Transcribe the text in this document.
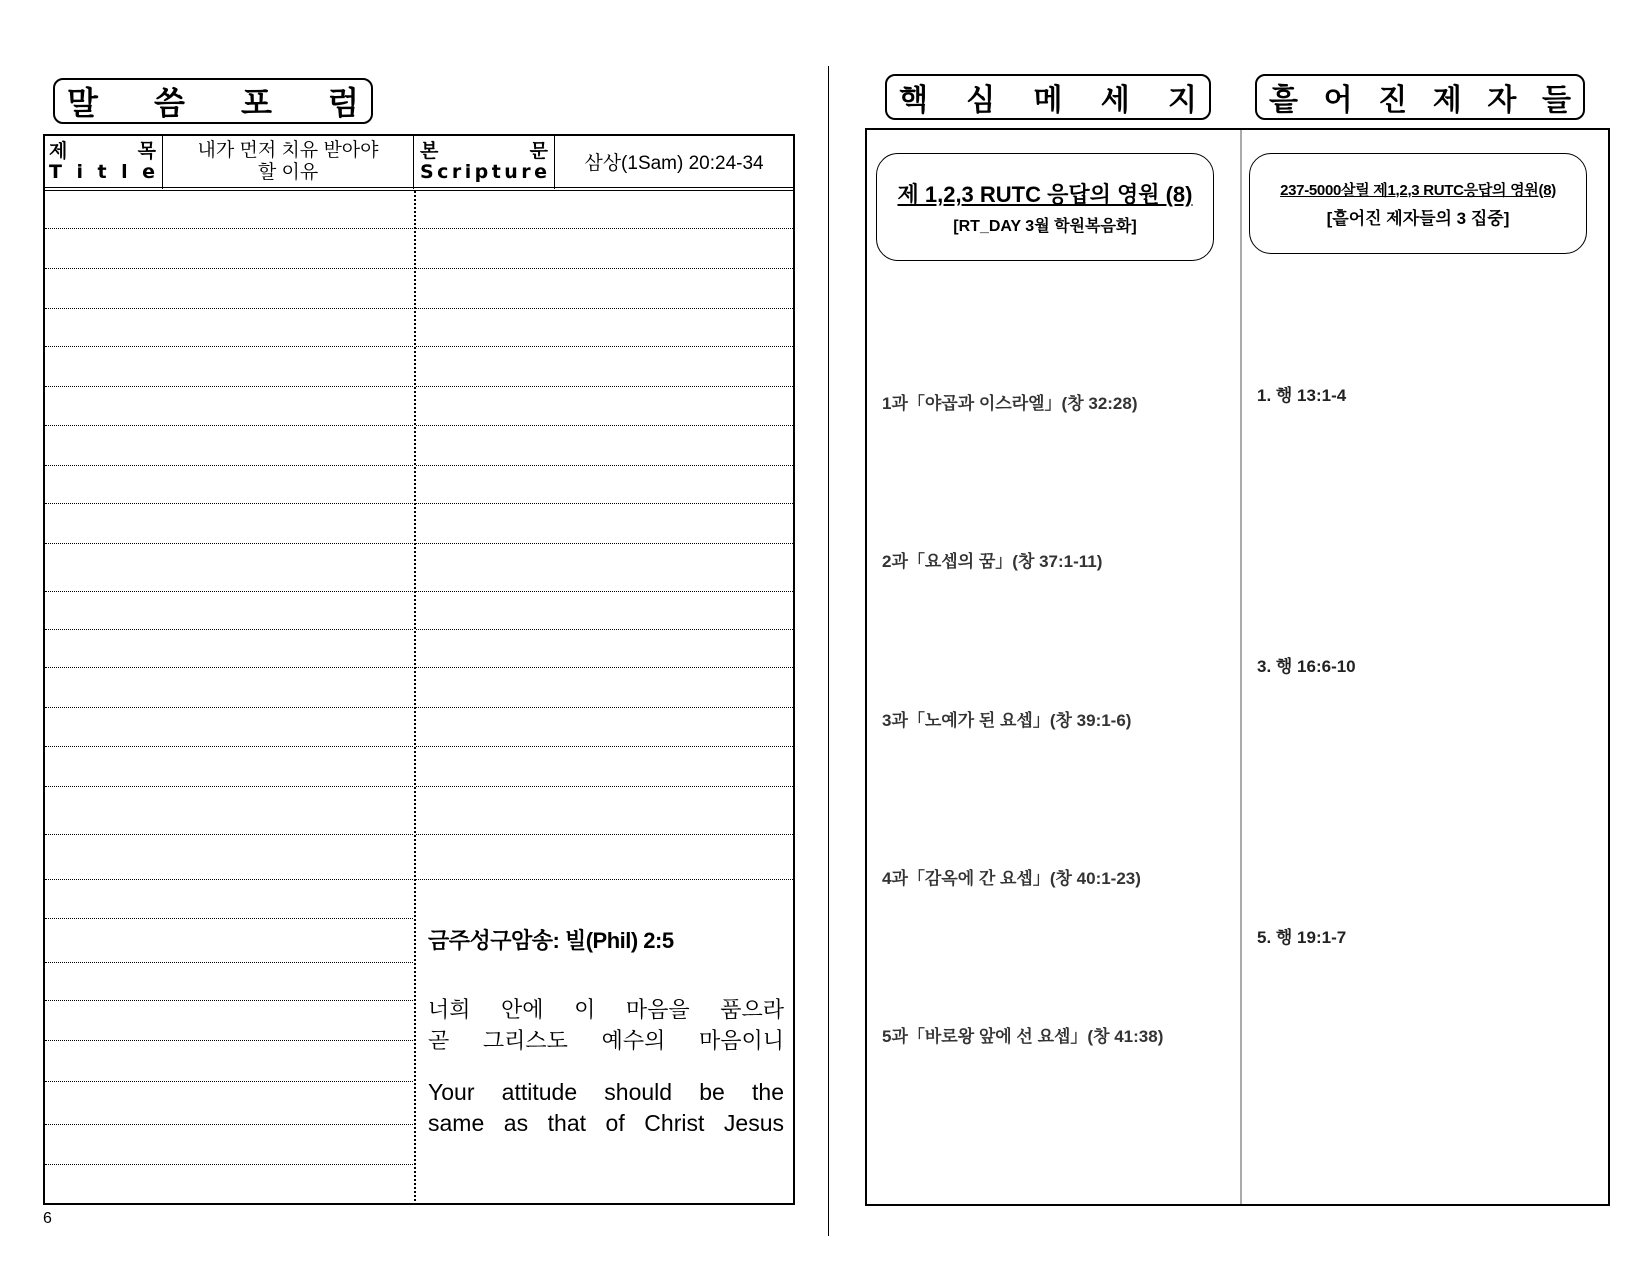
말 씀 포 럼
제	목
T i t l e
내가 먼저 치유 받아야
할 이유
본	문
S c r i p t u r e 삼상(1Sam) 20:24-34
금주성구암송: 빌(Phil) 2:5
너희 안에 이 마음을 품으라
곧 그리스도 예수의 마음이니
Your attitude should be the
same as that of Christ Jesus
6
핵 심 메 세 지 흩 어 진 제 자 들
제 1,2,3 RUTC 응답의 영원 (8)
[RT_DAY 3월 학원복음화]
237-5000살릴 제1,2,3 RUTC응답의 영원(8)
[흩어진 제자들의 3 집중]
1과「야곱과 이스라엘」(창 32:28)
2과「요셉의 꿈」(창 37:1-11)
3과「노예가 된 요셉」(창 39:1-6)
4과「감옥에 간 요셉」(창 40:1-23)
5과「바로왕 앞에 선 요셉」(창 41:38)
1. 행 13:1-4
3. 행 16:6-10
5. 행 19:1-7
